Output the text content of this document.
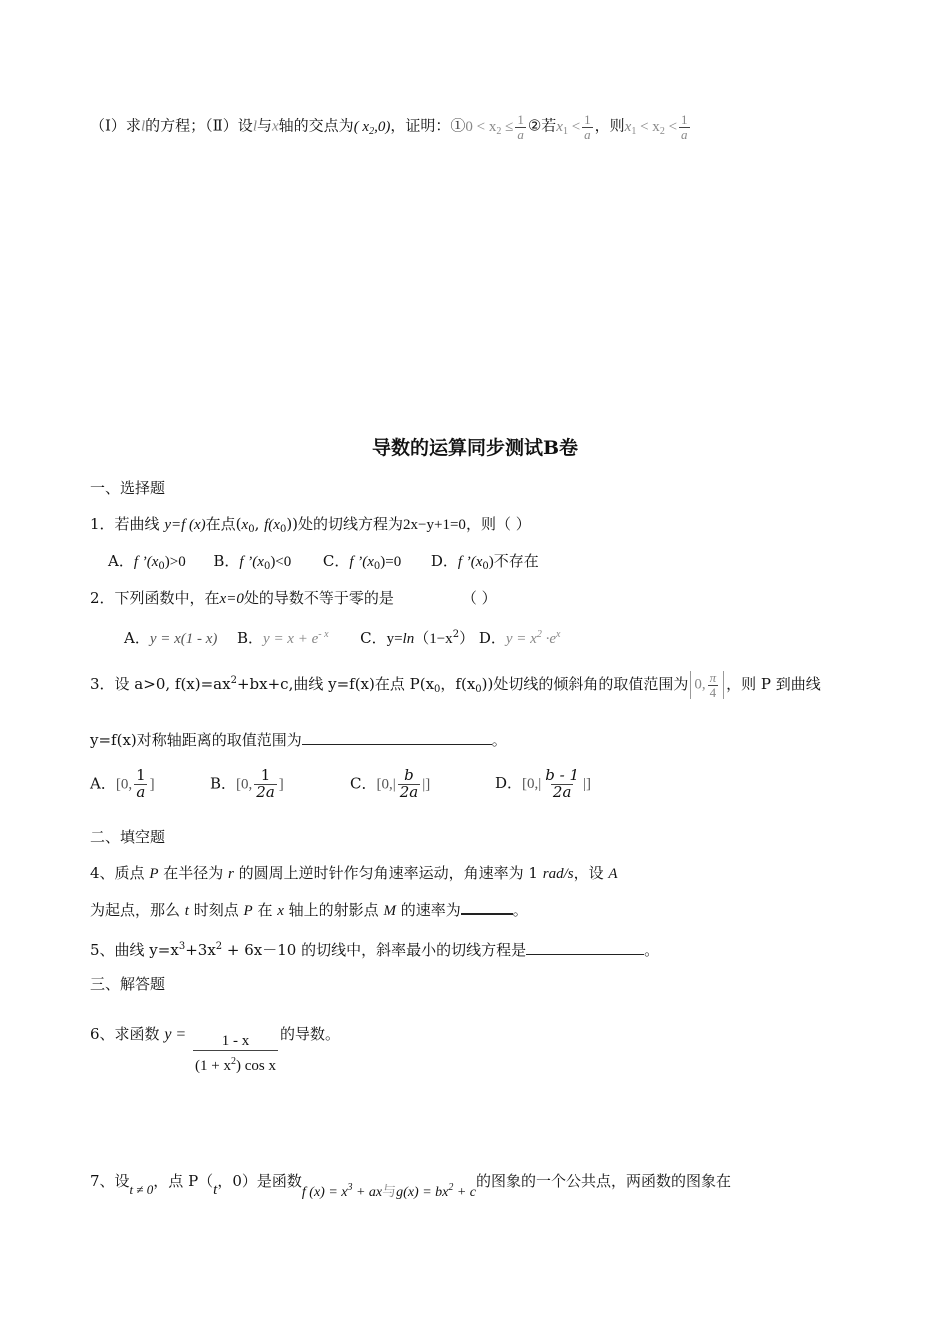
（Ⅰ）求l的方程；（Ⅱ）设l与x轴的交点为( $x_2,0$)，证明：①0 < $x_2 \le \frac{1}{a}$ ②若$x_1 < \frac{1}{a}$ ，则$x_1 < x_2 < \frac{1}{a}$
导数的运算同步测试B卷
一、选择题
1．若曲线 y=f (x)在点($x_0$, $f(x_0)$)处的切线方程为2x−y+1=0，则（ ）
A．f $’(x_0)>0$ B．f $’(x_0)<0$ C．f $’(x_0)=0$ D．f $’(x_0)$不存在
2．下列函数中，在x=0处的导数不等于零的是	（ ）
A．y = x(1 - x) B．$y = x + e^{- x}$ C．$y=\ln(1-x^2)$ D．$y = x^2 \cdot e^x$
3．设 a>0, $f(x)=ax^2+bx+c$,曲线 y=f(x)在点 $P(x_0$，$f(x_0)$)处切线的倾斜角的取值范围为 0, $\frac{\pi}{4}$ ，则 P 到曲线
y=f(x)对称轴距离的取值范围为	。
A．[0, $\frac{1}{a}$ ]	B．[0, $\frac{1}{2a}$ ]	C．[$0,| \frac{b}{2a}$ |]	D．[$0,| \frac{b - 1}{2a}$ |]
二、填空题
4、质点 P 在半径为 r 的圆周上逆时针作匀角速率运动，角速率为 1 rad/s，设 A
为起点，那么 t 时刻点 P 在 x 轴上的射影点 M 的速率为	。
5、曲线 $y=x^3+3x^2 + 6x-10$ 的切线中，斜率最小的切线方程是	。
三、解答题
6、求函数 $y = \frac{1 - x}{(1 + x^2) \cos x}$ 的导数。
7、设t ≠ 0，点 P（t，0）是函数f $(x) = x^3$ + ax与$g(x) = bx^2 + c$的图象的一个公共点，两函数的图象在
